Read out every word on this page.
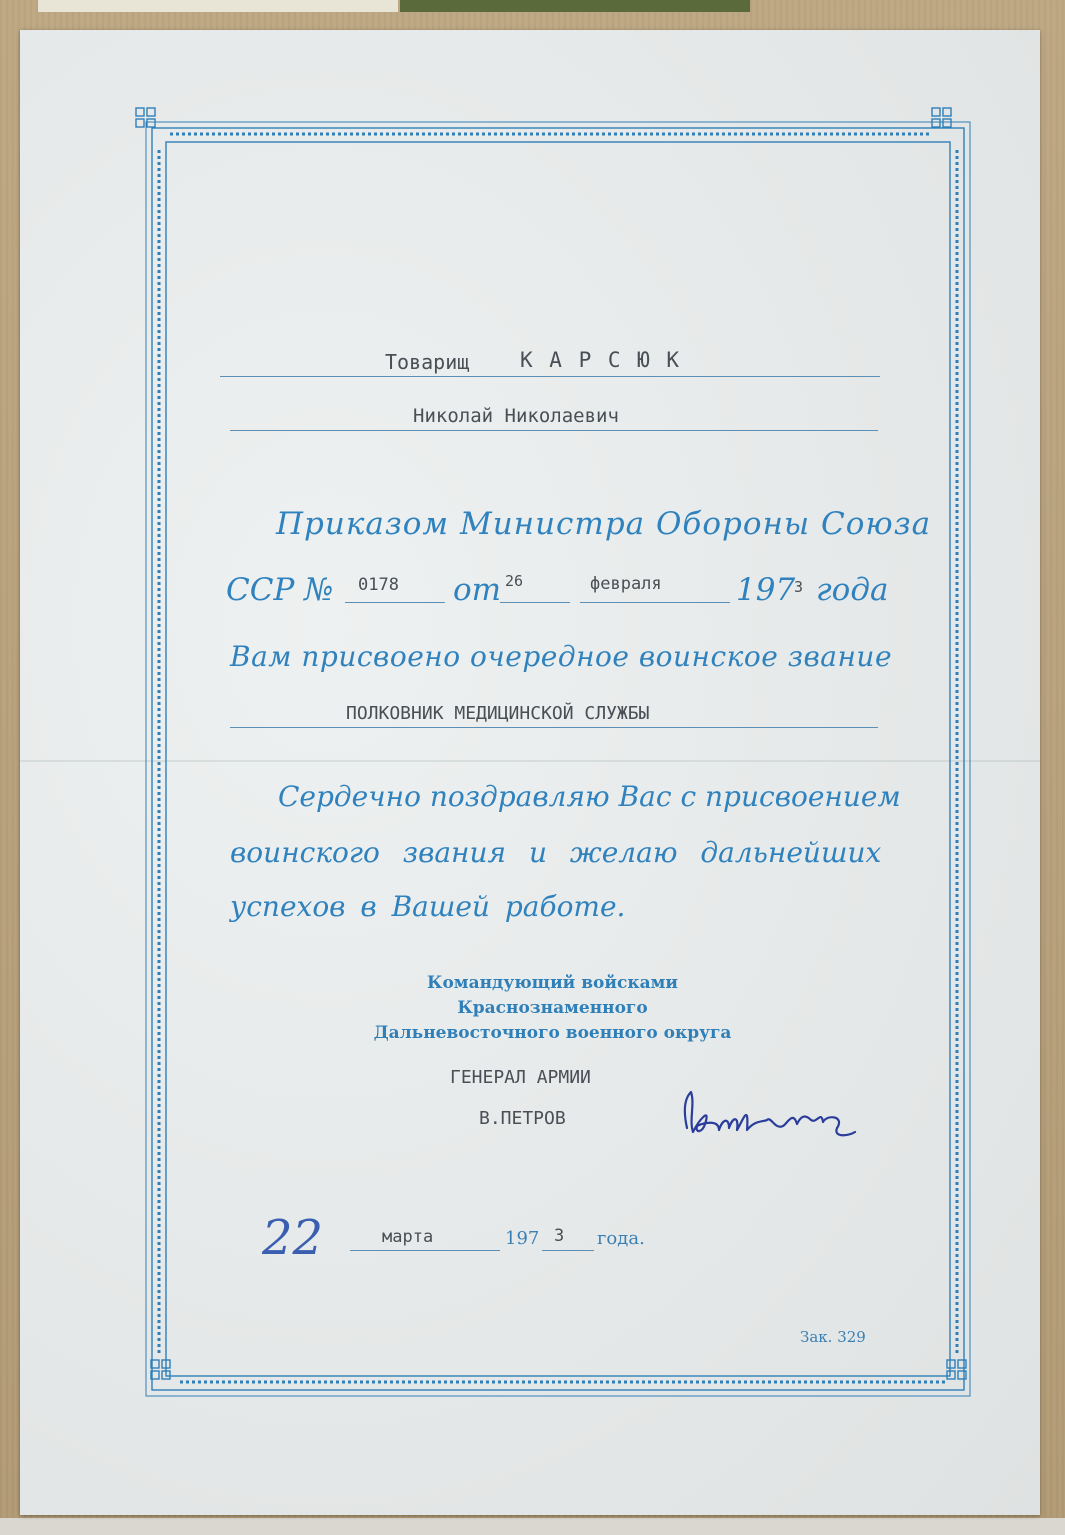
Товарищ К А Р С Ю К
Николай Николаевич
Приказом Министра Обороны Союза
ССР № 0178 от 26	февраля 197
3 года
Вам присвоено очередное воинское звание
ПОЛКОВНИК МЕДИЦИНСКОЙ СЛУЖБЫ
Сердечно поздравляю Вас с присвоением
воинского звания и желаю дальнейших
успехов в Вашей работе.
Командующий войсками
Краснознаменного
Дальневосточного военного округа
ГЕНЕРАЛ АРМИИ
В.ПЕТРОВ
22	марта	197 3 года.
Зак. 329
